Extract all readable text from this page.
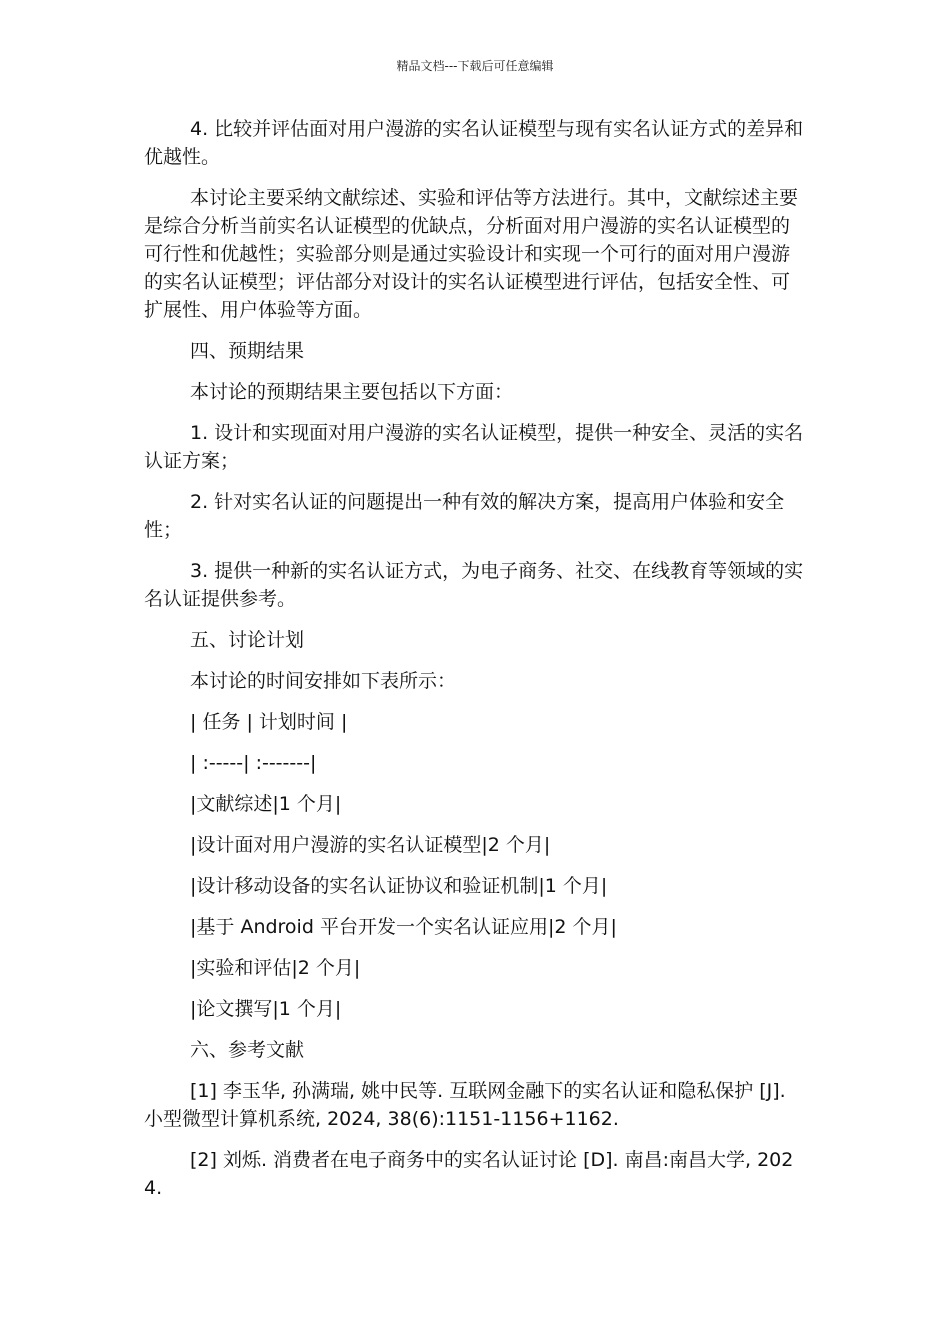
精品文档---下载后可任意编辑

4. 比较并评估面对用户漫游的实名认证模型与现有实名认证方式的差异和优越性。

本讨论主要采纳文献综述、实验和评估等方法进行。其中，文献综述主要是综合分析当前实名认证模型的优缺点，分析面对用户漫游的实名认证模型的可行性和优越性；实验部分则是通过实验设计和实现一个可行的面对用户漫游的实名认证模型；评估部分对设计的实名认证模型进行评估，包括安全性、可扩展性、用户体验等方面。

四、预期结果

本讨论的预期结果主要包括以下方面：

1. 设计和实现面对用户漫游的实名认证模型，提供一种安全、灵活的实名认证方案；

2. 针对实名认证的问题提出一种有效的解决方案，提高用户体验和安全性；

3. 提供一种新的实名认证方式，为电子商务、社交、在线教育等领域的实名认证提供参考。

五、讨论计划

本讨论的时间安排如下表所示：

| 任务 | 计划时间 |

| :-----| :-------|

|文献综述|1 个月|

|设计面对用户漫游的实名认证模型|2 个月|

|设计移动设备的实名认证协议和验证机制|1 个月|

|基于 Android 平台开发一个实名认证应用|2 个月|

|实验和评估|2 个月|

|论文撰写|1 个月|

六、参考文献

[1] 李玉华, 孙满瑞, 姚中民等. 互联网金融下的实名认证和隐私保护 [J]. 小型微型计算机系统, 2024, 38(6):1151-1156+1162.

[2] 刘烁. 消费者在电子商务中的实名认证讨论 [D]. 南昌:南昌大学, 2024.
